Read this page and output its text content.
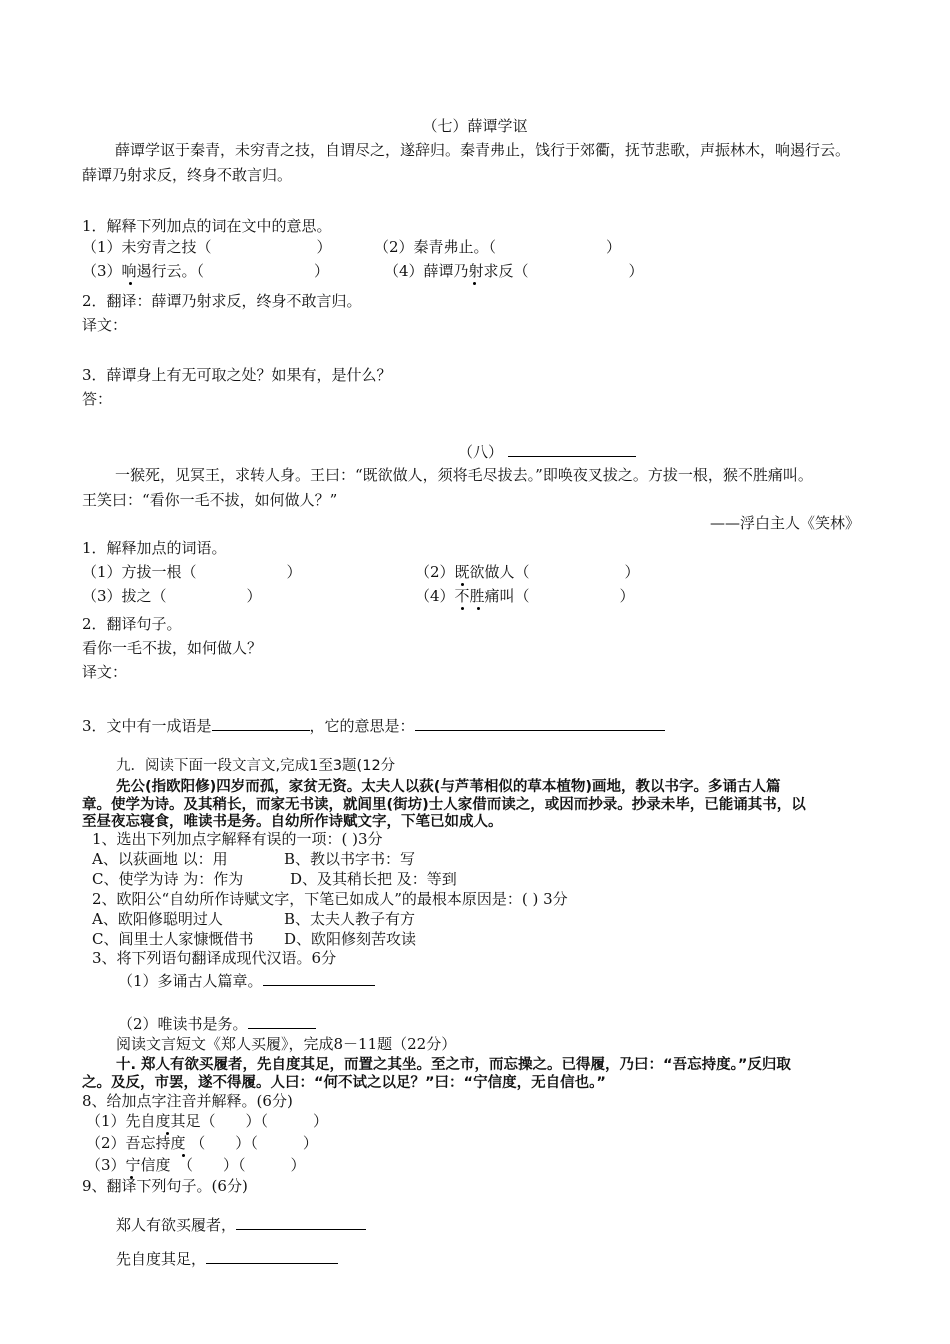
（七）薛谭学讴
薛谭学讴于秦青，未穷青之技，自谓尽之，遂辞归。秦青弗止，饯行于郊衢，抚节悲歌，声振林木，响遏行云。
薛谭乃射求反，终身不敢言归。
1．解释下列加点的词在文中的意思。
（1）未穷青之技（	）	（2）秦青弗止。（	）
（3）响遏行云。（	）	（4）薛谭乃射求反（	）
2．翻译：薛谭乃射求反，终身不敢言归。
译文：
3．薛谭身上有无可取之处？如果有，是什么？
答：
（八）
一猴死，见冥王，求转人身。王曰：“既欲做人，须将毛尽拔去。”即唤夜叉拔之。方拔一根，猴不胜痛叫。
王笑曰：“看你一毛不拔，如何做人？”
——浮白主人《笑林》
1．解释加点的词语。
（1）方拔一根（	）	（2）既欲做人（	）
（3）拔之（	）	（4）不胜痛叫（	）
2．翻译句子。
看你一毛不拔，如何做人？
译文：
3．文中有一成语是	，它的意思是：
九．阅读下面一段文言文,完成1至3题(12分
先公(指欧阳修)四岁而孤，家贫无资。太夫人以荻(与芦苇相似的草本植物)画地，教以书字。多诵古人篇
章。使学为诗。及其稍长，而家无书读，就闾里(街坊)士人家借而读之，或因而抄录。抄录未毕，已能诵其书，以
至昼夜忘寝食，唯读书是务。自幼所作诗赋文字，下笔已如成人。
1、选出下列加点字解释有误的一项：( )3分
A、以荻画地 以：用	B、教以书字书：写
C、使学为诗 为：作为	D、及其稍长把 及：等到
2、欧阳公“自幼所作诗赋文字，下笔已如成人”的最根本原因是：( ) 3分
A、欧阳修聪明过人	B、太夫人教子有方
C、闾里士人家慷慨借书 D、欧阳修刻苦攻读
3、将下列语句翻译成现代汉语。6分
（1）多诵古人篇章。
（2）唯读书是务。
阅读文言短文《郑人买履》，完成8－11题（22分）
十. 郑人有欲买履者，先自度其足，而置之其坐。至之市，而忘操之。已得履，乃曰：“吾忘持度。”反归取
之。及反，市罢，遂不得履。人曰：“何不试之以足？”曰：“宁信度，无自信也。”
8、给加点字注音并解释。(6分)
（1）先自度其足（　　）（　　　）
（2）吾忘持度 （　　）（　　　）
（3）宁信度　（　　）（　　　）
9、翻译下列句子。(6分)
郑人有欲买履者，
先自度其足，
